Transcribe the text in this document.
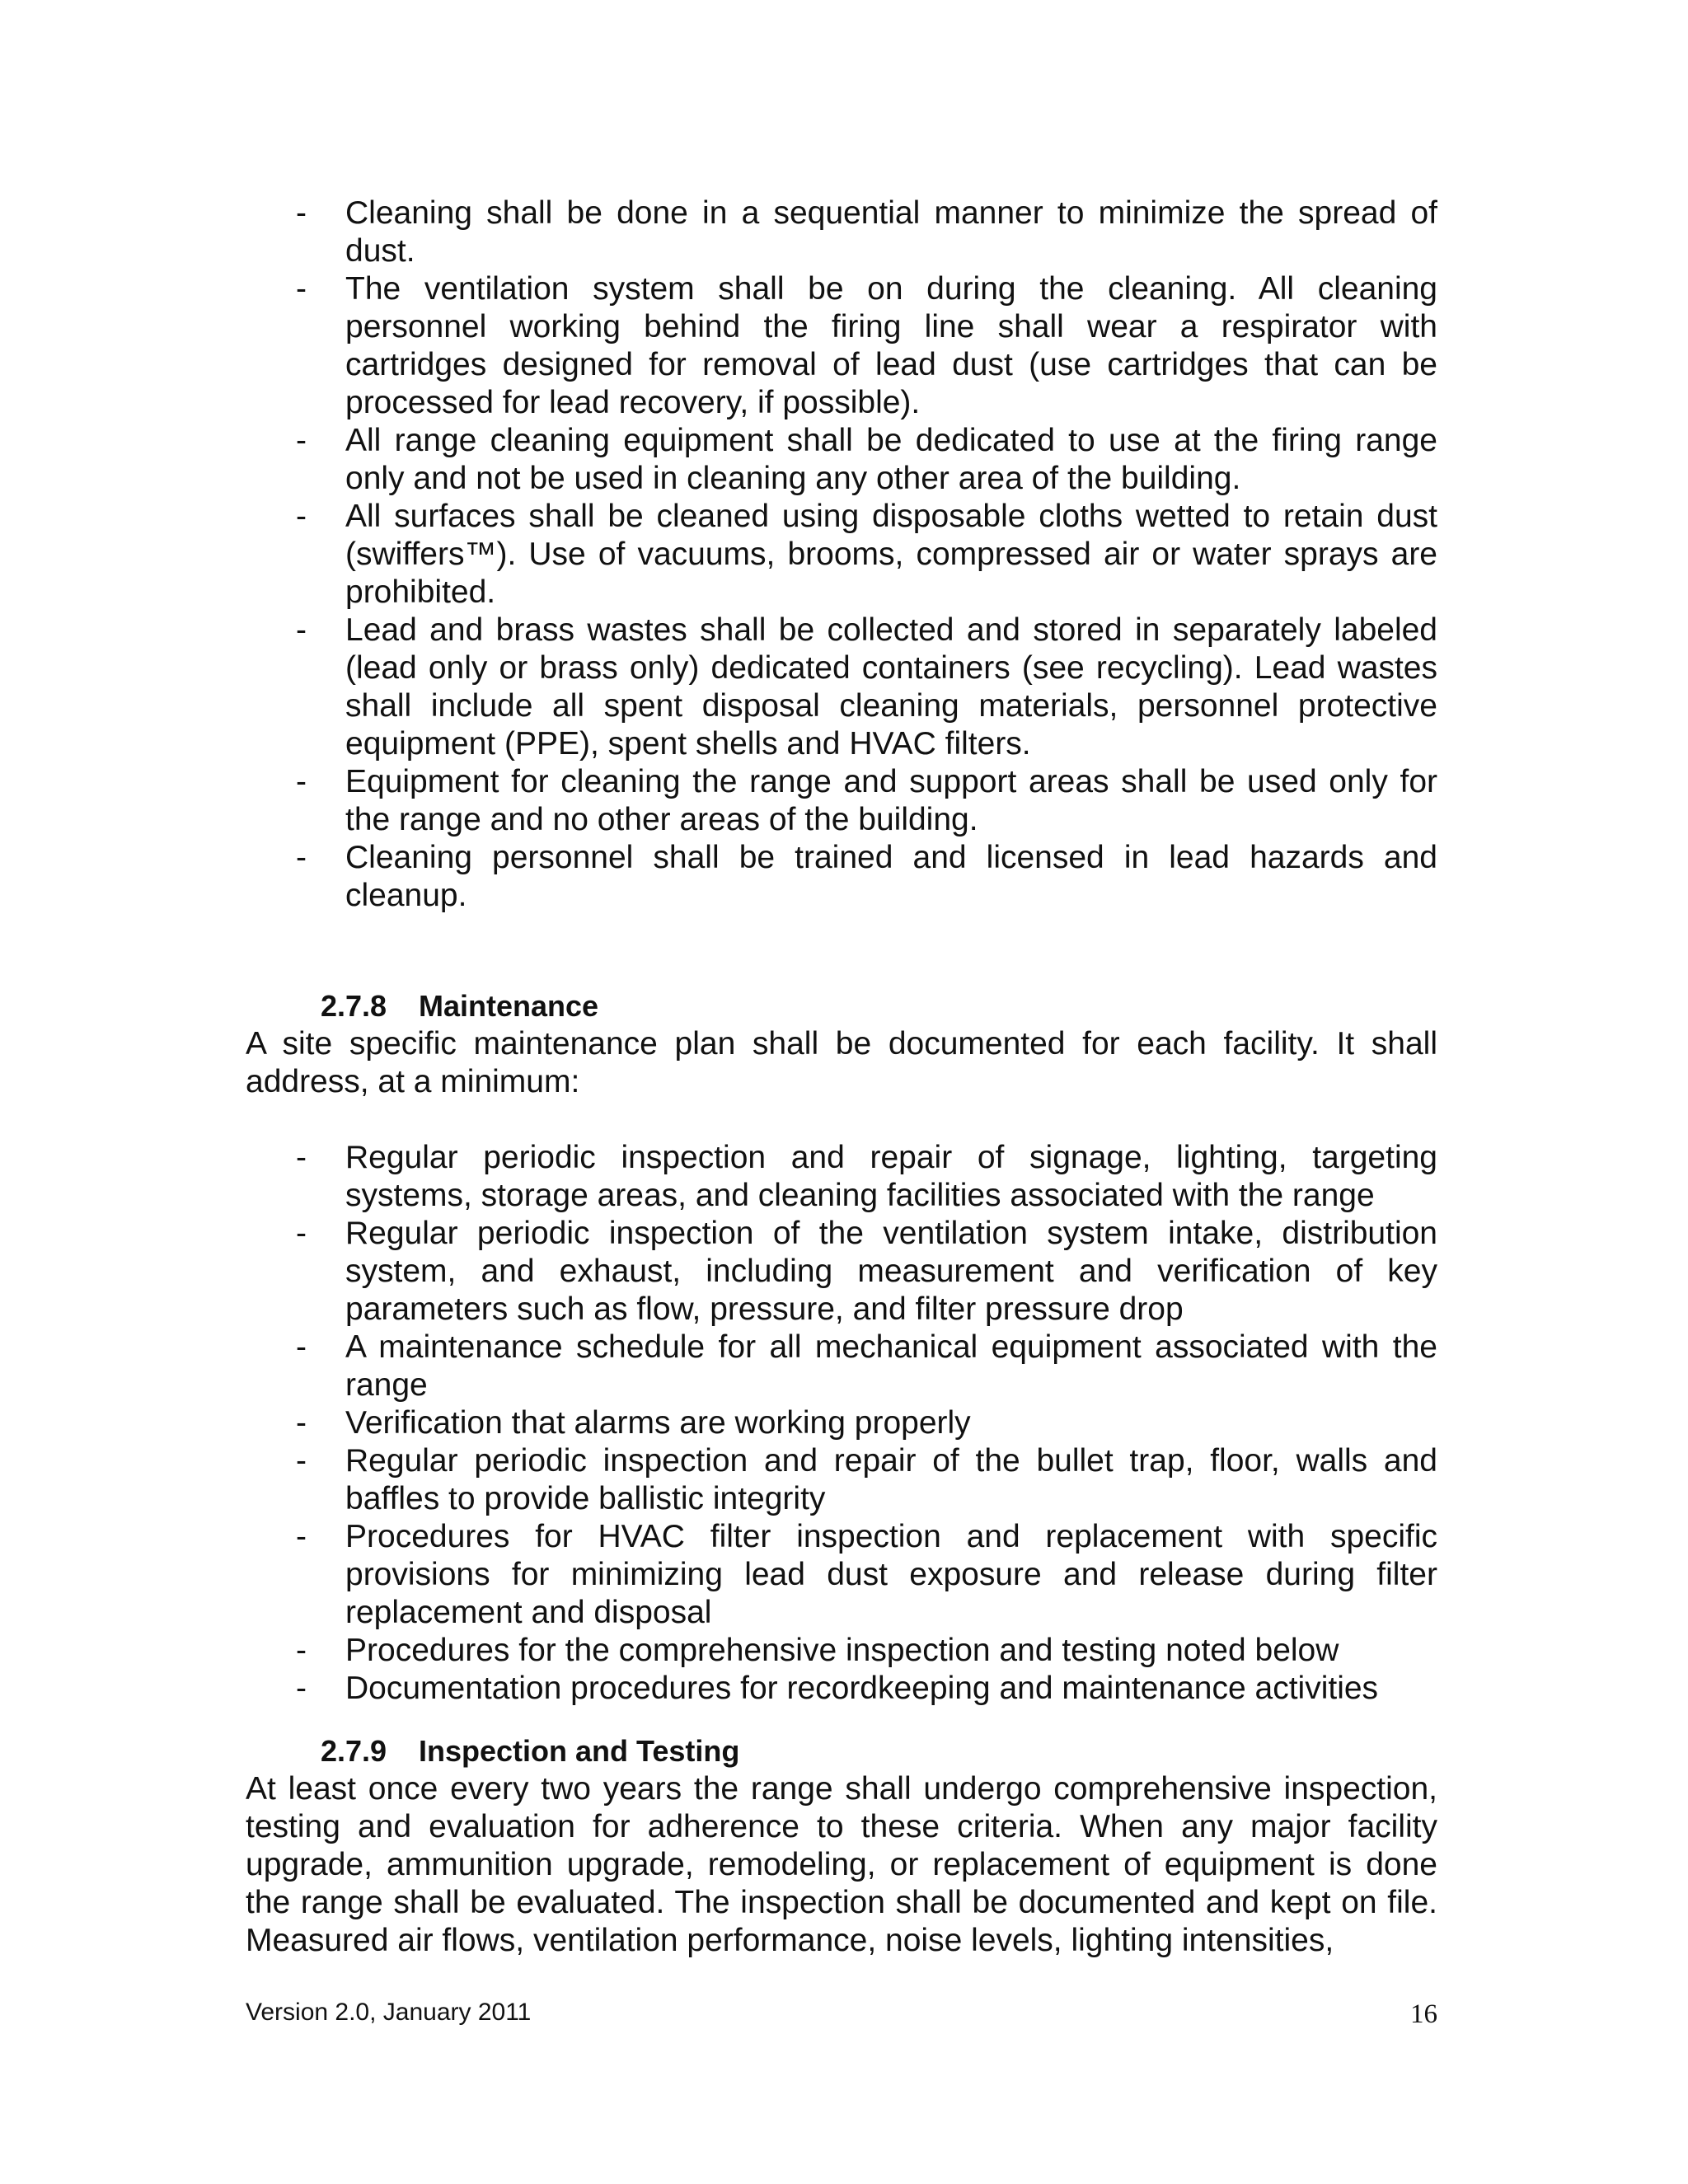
- Cleaning shall be done in a sequential manner to minimize the spread of dust.
- The ventilation system shall be on during the cleaning. All cleaning personnel working behind the firing line shall wear a respirator with cartridges designed for removal of lead dust (use cartridges that can be processed for lead recovery, if possible).
- All range cleaning equipment shall be dedicated to use at the firing range only and not be used in cleaning any other area of the building.
- All surfaces shall be cleaned using disposable cloths wetted to retain dust (swiffers™). Use of vacuums, brooms, compressed air or water sprays are prohibited.
- Lead and brass wastes shall be collected and stored in separately labeled (lead only or brass only) dedicated containers (see recycling). Lead wastes shall include all spent disposal cleaning materials, personnel protective equipment (PPE), spent shells and HVAC filters.
- Equipment for cleaning the range and support areas shall be used only for the range and no other areas of the building.
- Cleaning personnel shall be trained and licensed in lead hazards and cleanup.
2.7.8 Maintenance

A site specific maintenance plan shall be documented for each facility. It shall address, at a minimum:

- Regular periodic inspection and repair of signage, lighting, targeting systems, storage areas, and cleaning facilities associated with the range
- Regular periodic inspection of the ventilation system intake, distribution system, and exhaust, including measurement and verification of key parameters such as flow, pressure, and filter pressure drop
- A maintenance schedule for all mechanical equipment associated with the range
- Verification that alarms are working properly
- Regular periodic inspection and repair of the bullet trap, floor, walls and baffles to provide ballistic integrity
- Procedures for HVAC filter inspection and replacement with specific provisions for minimizing lead dust exposure and release during filter replacement and disposal
- Procedures for the comprehensive inspection and testing noted below
- Documentation procedures for recordkeeping and maintenance activities
2.7.9 Inspection and Testing

At least once every two years the range shall undergo comprehensive inspection, testing and evaluation for adherence to these criteria. When any major facility upgrade, ammunition upgrade, remodeling, or replacement of equipment is done the range shall be evaluated. The inspection shall be documented and kept on file. Measured air flows, ventilation performance, noise levels, lighting intensities,

Version 2.0, January 2011	16
